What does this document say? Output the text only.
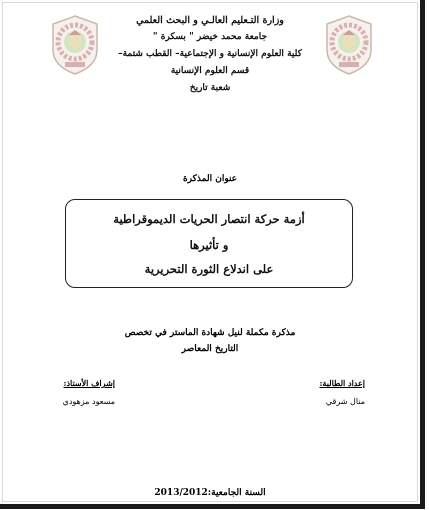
وزارة التـعليم العالـي و البحث العلمي
جامعة محمد خيضر " بسكرة "
كلية العلوم الإنسانية و الإجتماعية– القطب شتمة–
قسم العلوم الإنسانية
شعبة تاريخ
عنوان المذكرة
أزمة حركة انتصار الحريات الديموقراطية
و تأثيرها
على اندلاع الثورة التحريرية
مذكرة مكملة لنيل شهادة الماستر في تخصص
التاريخ المعاصر
إعداد الطالبة:
منال شرقي
إشراف الأستاذ:
مسعود مزهودي
2013/2012السنة الجامعية:
